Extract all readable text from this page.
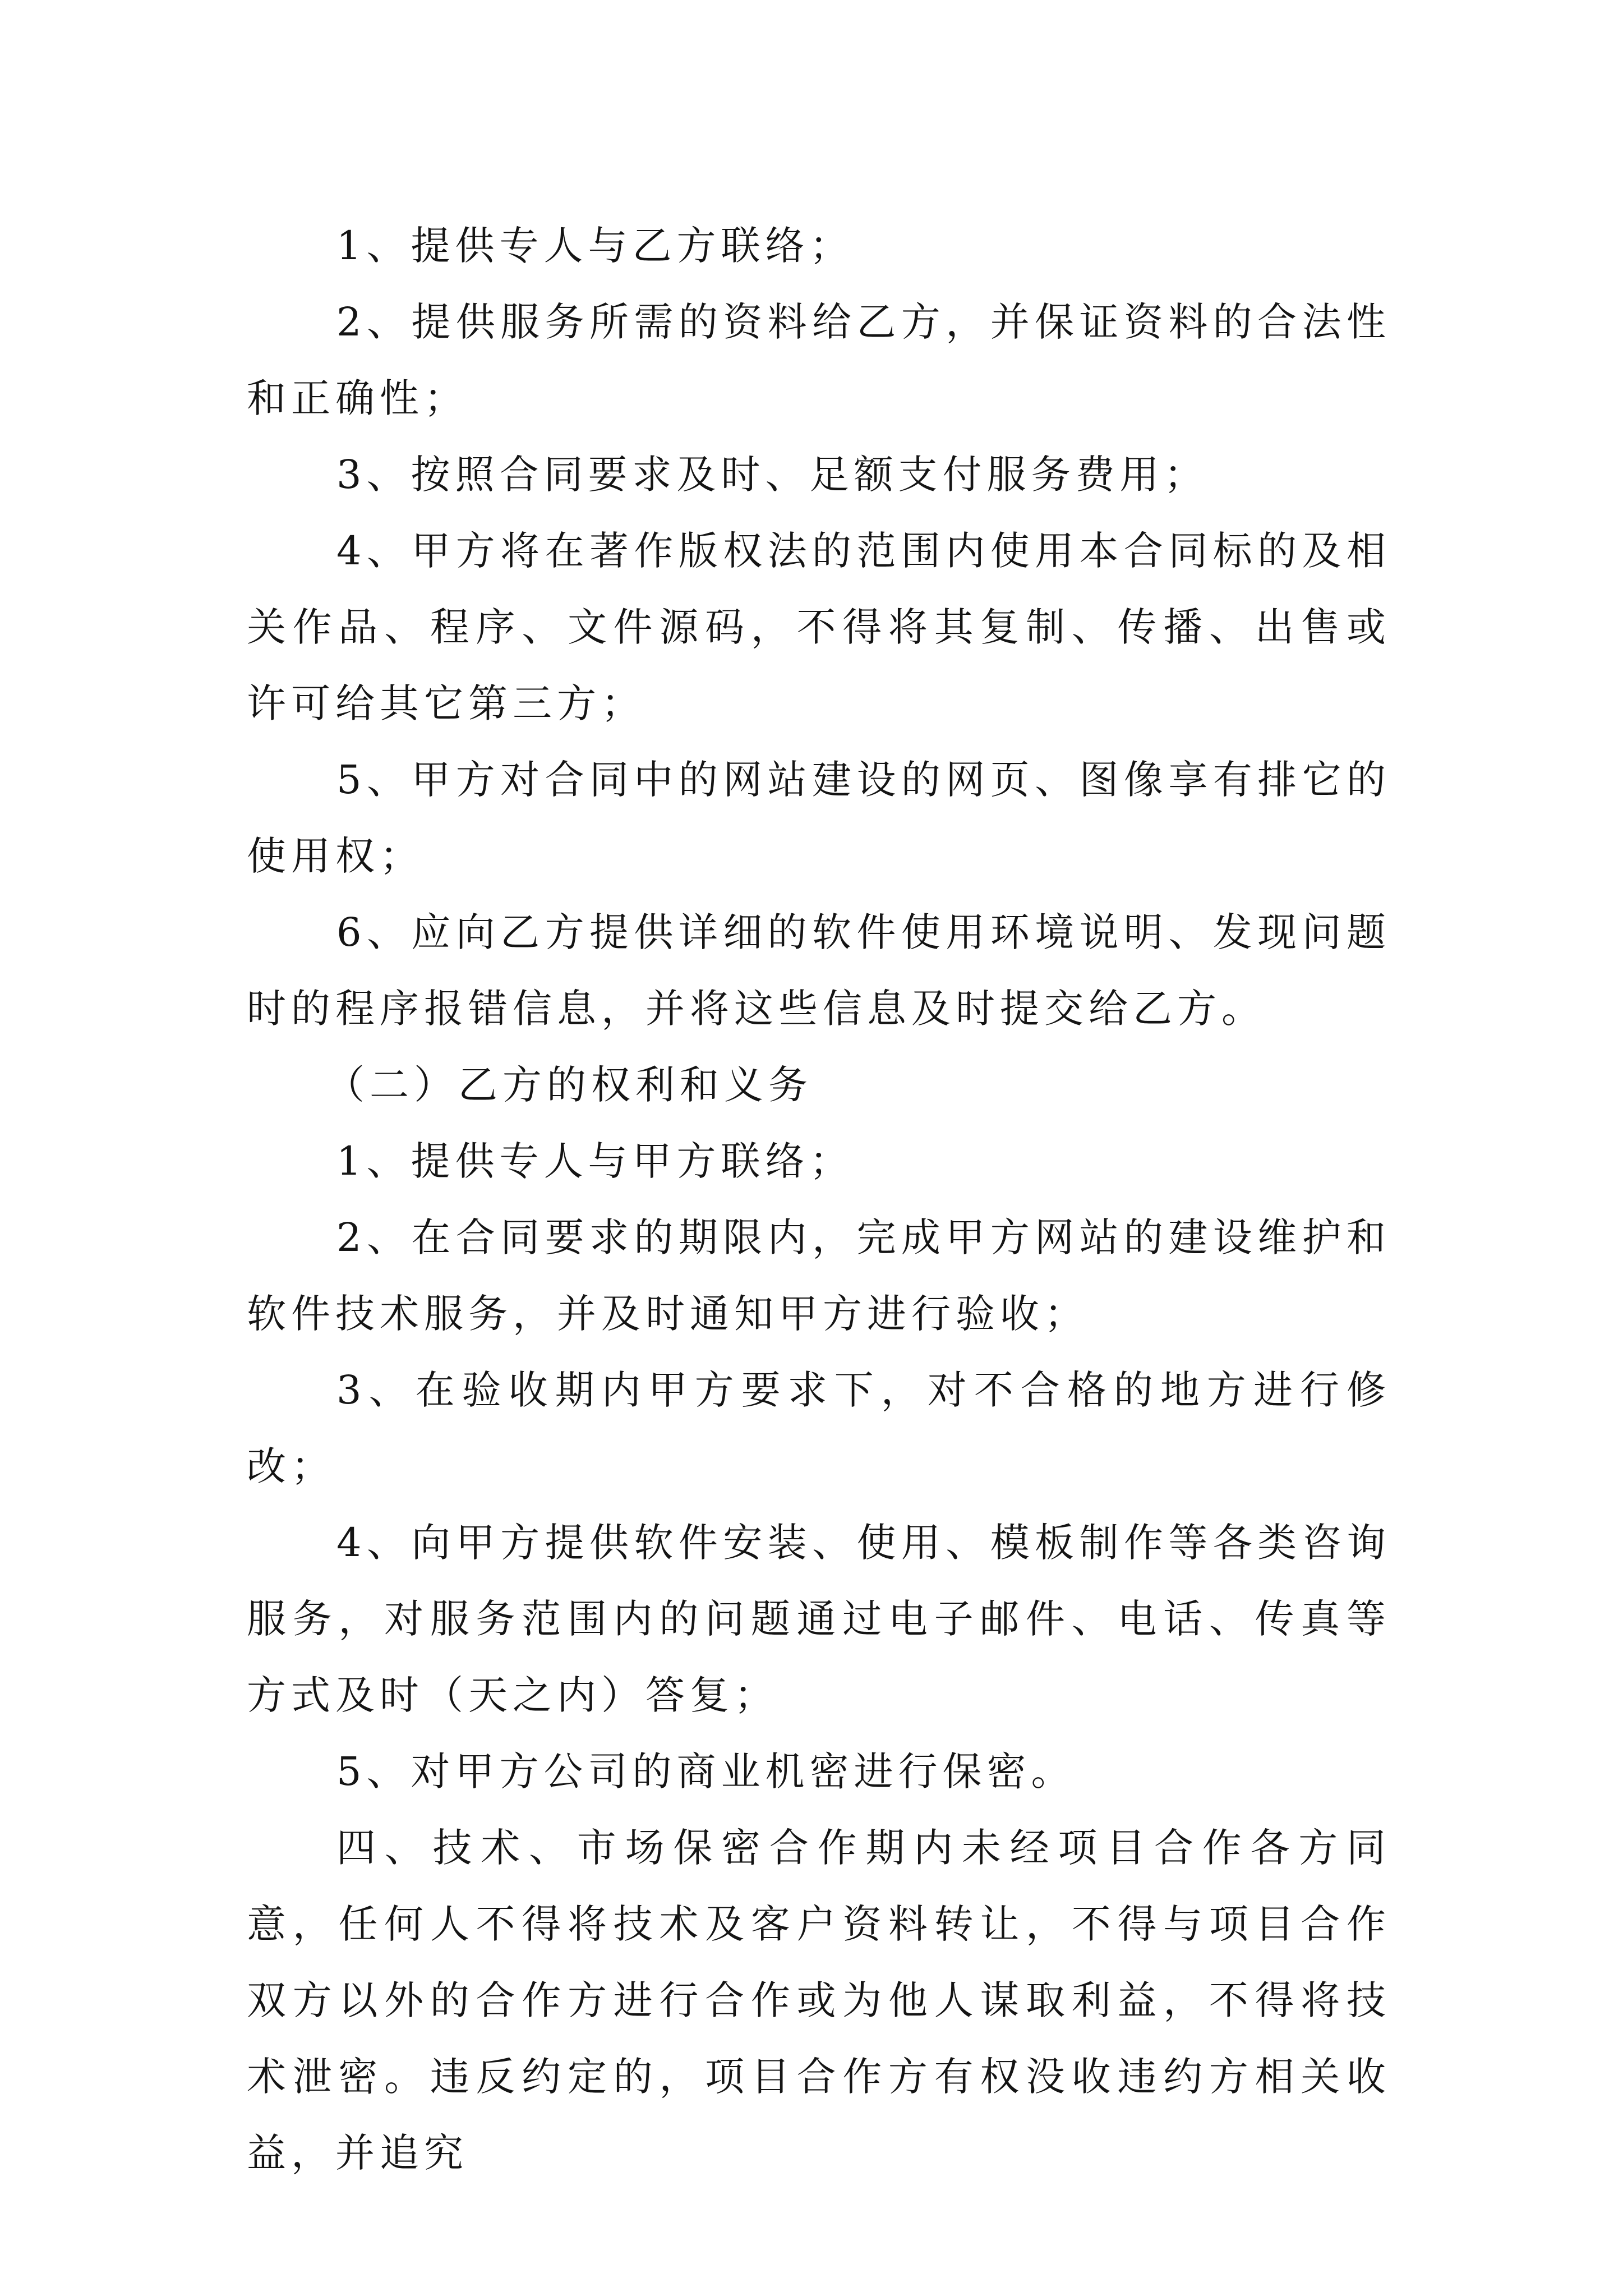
1、提供专人与乙方联络；

2、提供服务所需的资料给乙方，并保证资料的合法性和正确性；

3、按照合同要求及时、足额支付服务费用；

4、甲方将在著作版权法的范围内使用本合同标的及相关作品、程序、文件源码，不得将其复制、传播、出售或许可给其它第三方；

5、甲方对合同中的网站建设的网页、图像享有排它的使用权；

6、应向乙方提供详细的软件使用环境说明、发现问题时的程序报错信息，并将这些信息及时提交给乙方。

（二）乙方的权利和义务

1、提供专人与甲方联络；

2、在合同要求的期限内，完成甲方网站的建设维护和软件技术服务，并及时通知甲方进行验收；

3、在验收期内甲方要求下，对不合格的地方进行修改；

4、向甲方提供软件安装、使用、模板制作等各类咨询服务，对服务范围内的问题通过电子邮件、电话、传真等方式及时（天之内）答复；

5、对甲方公司的商业机密进行保密。

四、技术、市场保密合作期内未经项目合作各方同意，任何人不得将技术及客户资料转让，不得与项目合作双方以外的合作方进行合作或为他人谋取利益，不得将技术泄密。违反约定的，项目合作方有权没收违约方相关收益，并追究
